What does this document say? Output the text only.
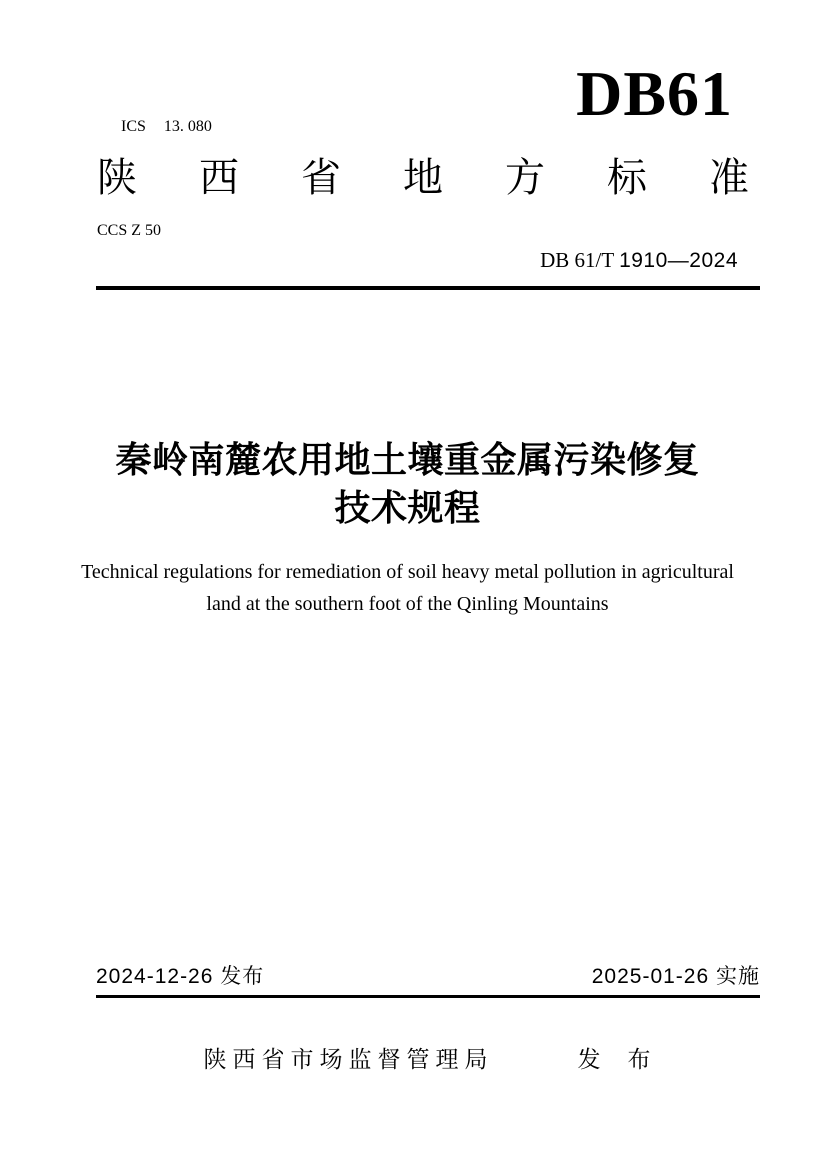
ICS 13. 080

CCS Z 50

DB61
陕 西 省 地 方 标 准

DB 61/T 1910—2024

秦岭南麓农用地土壤重金属污染修复
技术规程
Technical regulations for remediation of soil heavy metal pollution in agricultural
land at the southern foot of the Qinling Mountains
2024-12-26 发布	2025-01-26 实施
陕西省市场监督管理局	发　布
